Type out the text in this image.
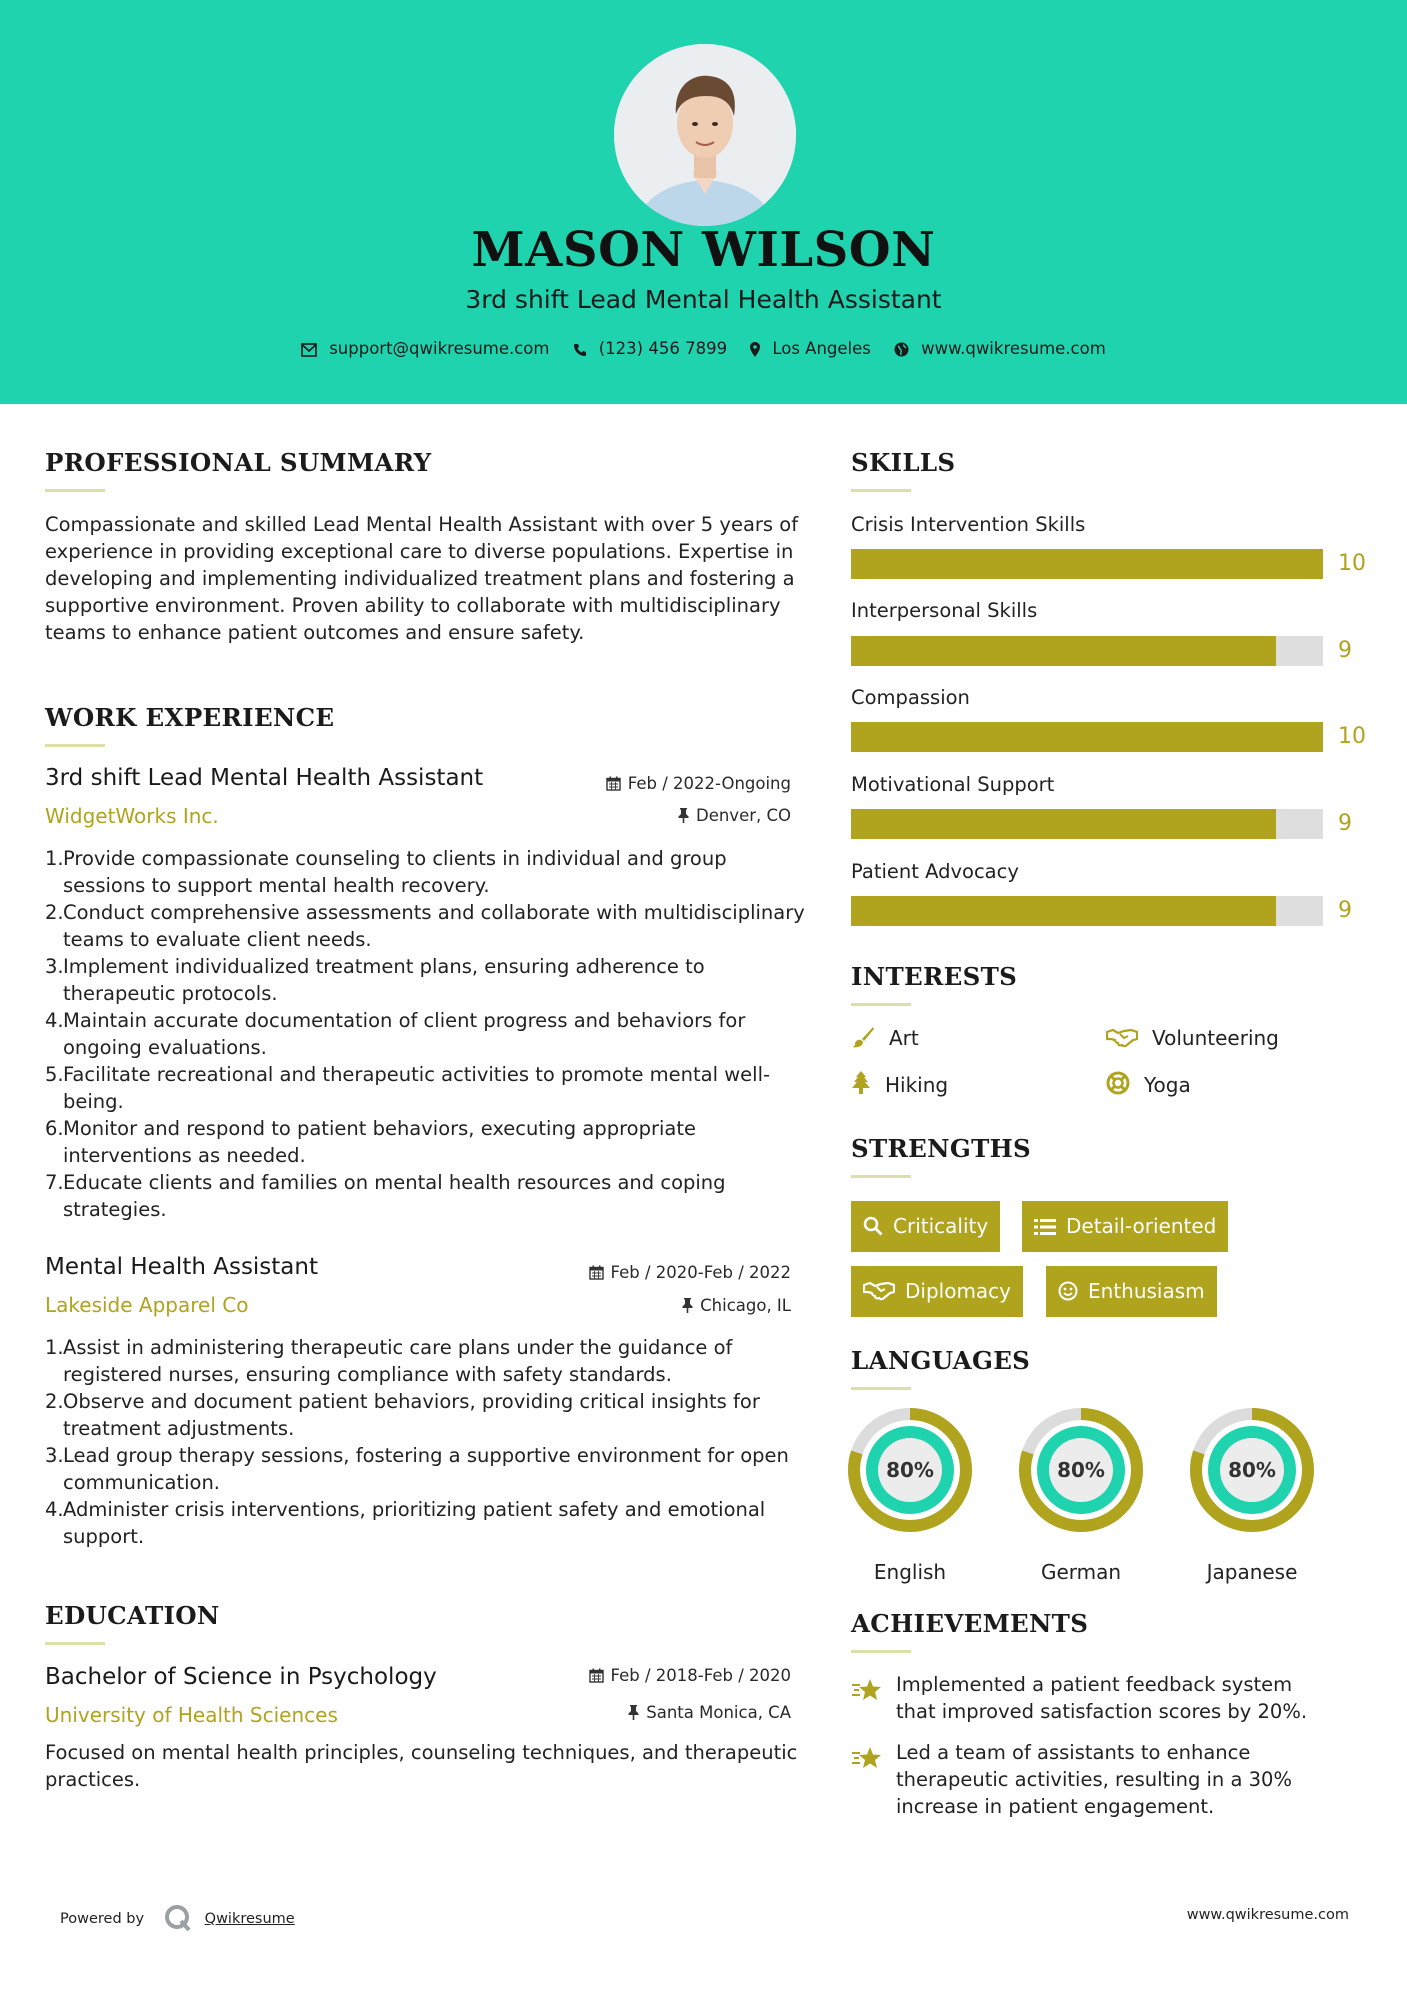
MASON WILSON
3rd shift Lead Mental Health Assistant
support@qwikresume.com	(123) 456 7899	Los Angeles	www.qwikresume.com
PROFESSIONAL SUMMARY
Compassionate and skilled Lead Mental Health Assistant with over 5 years of experience in providing exceptional care to diverse populations. Expertise in developing and implementing individualized treatment plans and fostering a supportive environment. Proven ability to collaborate with multidisciplinary teams to enhance patient outcomes and ensure safety.
WORK EXPERIENCE
3rd shift Lead Mental Health Assistant	Feb / 2022-Ongoing
WidgetWorks Inc.	Denver, CO
1. Provide compassionate counseling to clients in individual and group sessions to support mental health recovery.
2. Conduct comprehensive assessments and collaborate with multidisciplinary teams to evaluate client needs.
3. Implement individualized treatment plans, ensuring adherence to therapeutic protocols.
4. Maintain accurate documentation of client progress and behaviors for ongoing evaluations.
5. Facilitate recreational and therapeutic activities to promote mental well-being.
6. Monitor and respond to patient behaviors, executing appropriate interventions as needed.
7. Educate clients and families on mental health resources and coping strategies.
Mental Health Assistant	Feb / 2020-Feb / 2022
Lakeside Apparel Co	Chicago, IL
1. Assist in administering therapeutic care plans under the guidance of registered nurses, ensuring compliance with safety standards.
2. Observe and document patient behaviors, providing critical insights for treatment adjustments.
3. Lead group therapy sessions, fostering a supportive environment for open communication.
4. Administer crisis interventions, prioritizing patient safety and emotional support.
EDUCATION
Bachelor of Science in Psychology	Feb / 2018-Feb / 2020
University of Health Sciences	Santa Monica, CA
Focused on mental health principles, counseling techniques, and therapeutic practices.
SKILLS
Crisis Intervention Skills
10
Interpersonal Skills
9
Compassion
10
Motivational Support
9
Patient Advocacy
9
INTERESTS
Art	Volunteering
Hiking	Yoga
STRENGTHS
Criticality	Detail-oriented
Diplomacy	Enthusiasm
LANGUAGES
80%
English
80%
German
80%
Japanese
ACHIEVEMENTS
Implemented a patient feedback system that improved satisfaction scores by 20%.
Led a team of assistants to enhance therapeutic activities, resulting in a 30% increase in patient engagement.
Powered by	Qwikresume	www.qwikresume.com
